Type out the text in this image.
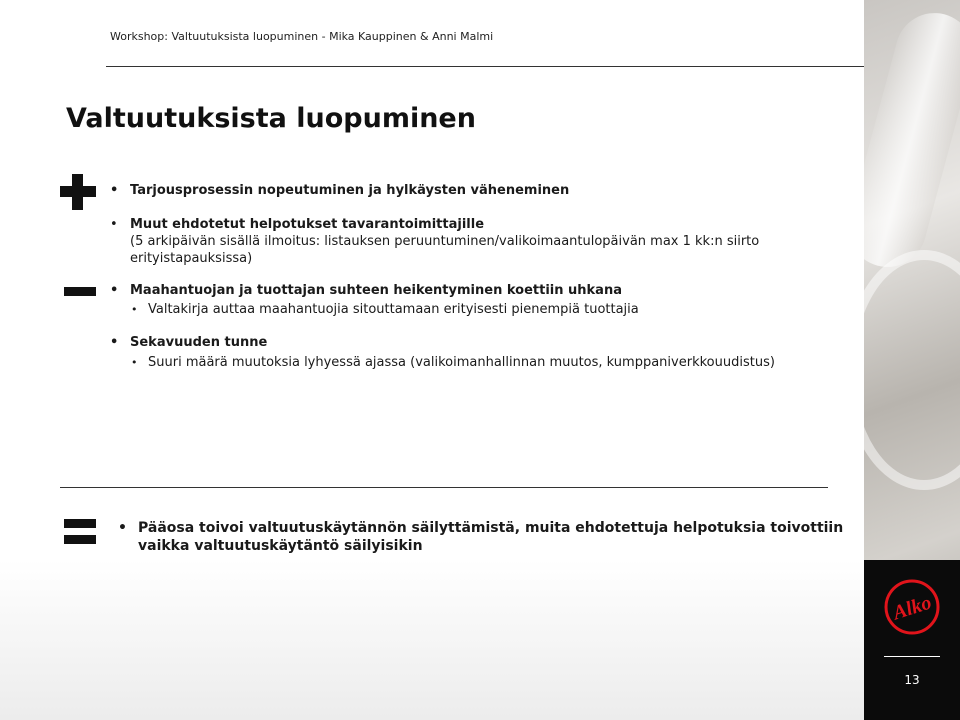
Workshop: Valtuutuksista luopuminen - Mika Kauppinen & Anni Malmi
Valtuutuksista luopuminen
• Tarjousprosessin nopeutuminen ja hylkäysten väheneminen
• Muut ehdotetut helpotukset tavarantoimittajille
(5 arkipäivän sisällä ilmoitus: listauksen peruuntuminen/valikoimaantulopäivän max 1 kk:n siirto
erityistapauksissa)
• Maahantuojan ja tuottajan suhteen heikentyminen koettiin uhkana
• Valtakirja auttaa maahantuojia sitouttamaan erityisesti pienempiä tuottajia
• Sekavuuden tunne
• Suuri määrä muutoksia lyhyessä ajassa (valikoimanhallinnan muutos, kumppaniverkkouudistus)
• Pääosa toivoi valtuutuskäytännön säilyttämistä, muita ehdotettuja helpotuksia toivottiin
vaikka valtuutuskäytäntö säilyisikin
Alko
13
